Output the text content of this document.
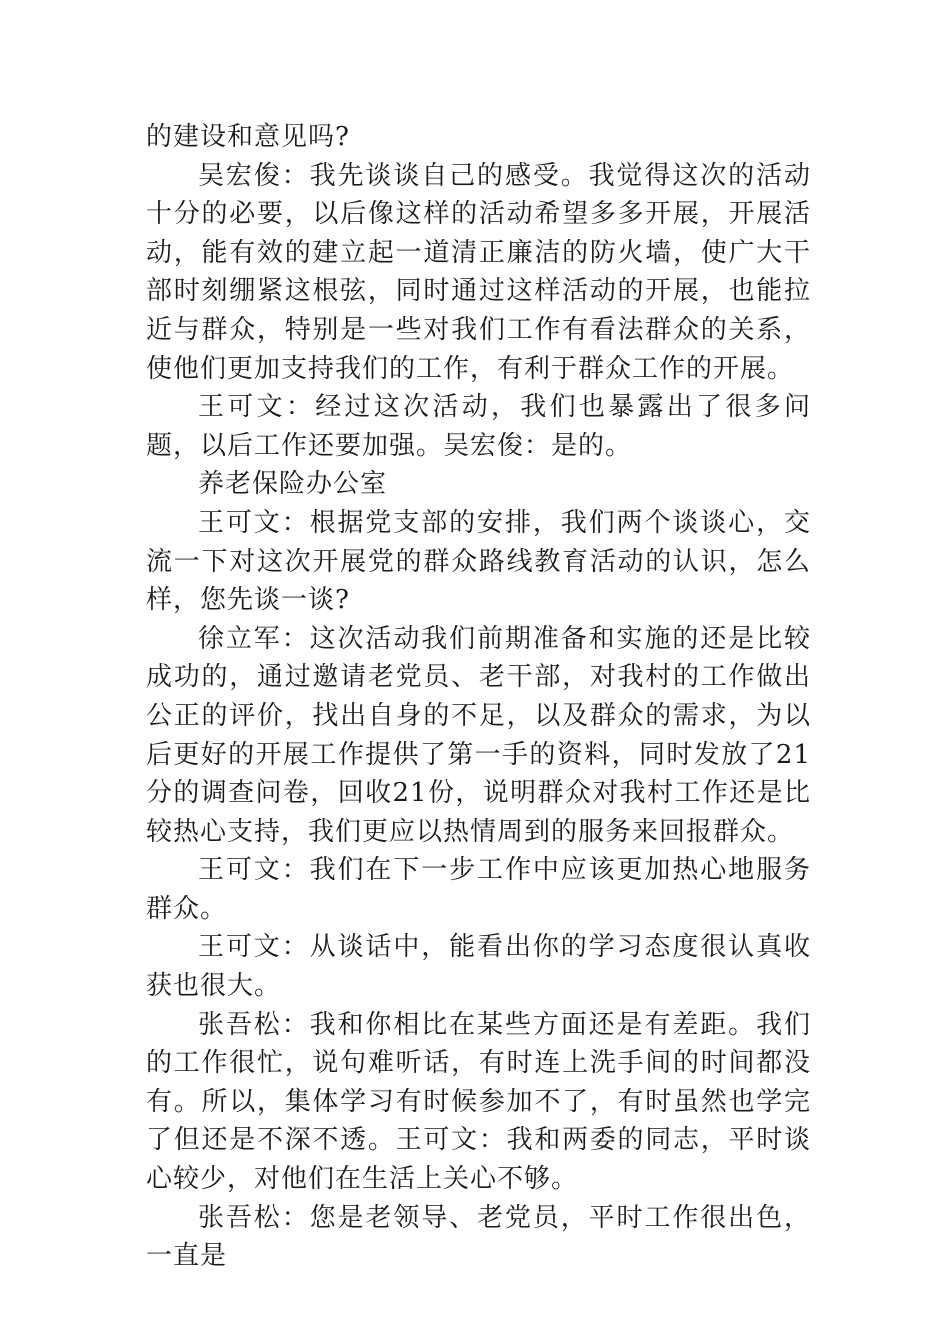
的建设和意见吗?

吴宏俊：我先谈谈自己的感受。我觉得这次的活动十分的必要，以后像这样的活动希望多多开展，开展活动，能有效的建立起一道清正廉洁的防火墙，使广大干部时刻绷紧这根弦，同时通过这样活动的开展，也能拉近与群众，特别是一些对我们工作有看法群众的关系，使他们更加支持我们的工作，有利于群众工作的开展。

王可文：经过这次活动，我们也暴露出了很多问题，以后工作还要加强。吴宏俊：是的。

养老保险办公室

王可文：根据党支部的安排，我们两个谈谈心，交流一下对这次开展党的群众路线教育活动的认识，怎么样，您先谈一谈?

徐立军：这次活动我们前期准备和实施的还是比较成功的，通过邀请老党员、老干部，对我村的工作做出公正的评价，找出自身的不足，以及群众的需求，为以后更好的开展工作提供了第一手的资料，同时发放了21分的调查问卷，回收21份，说明群众对我村工作还是比较热心支持，我们更应以热情周到的服务来回报群众。

王可文：我们在下一步工作中应该更加热心地服务群众。

王可文：从谈话中，能看出你的学习态度很认真收获也很大。

张吾松：我和你相比在某些方面还是有差距。我们的工作很忙，说句难听话，有时连上洗手间的时间都没有。所以，集体学习有时候参加不了，有时虽然也学完了但还是不深不透。王可文：我和两委的同志，平时谈心较少，对他们在生活上关心不够。

张吾松：您是老领导、老党员，平时工作很出色，一直是
